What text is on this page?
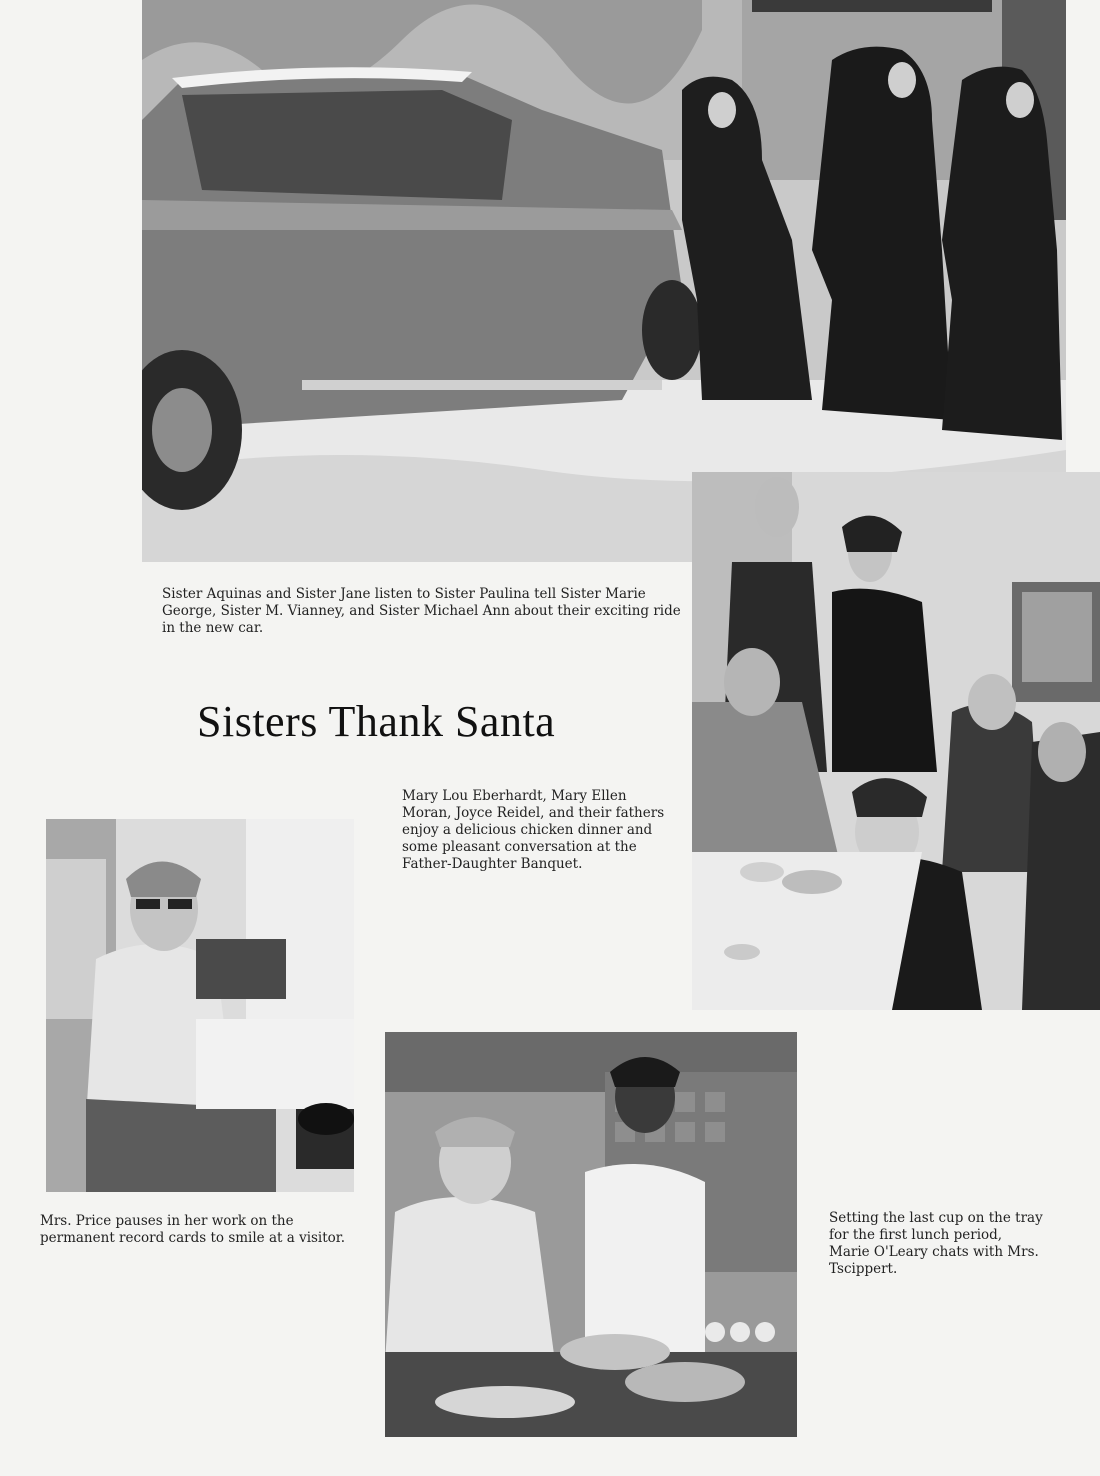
Sister Aquinas and Sister Jane listen to Sister Paulina tell Sister Marie George, Sister M. Vianney, and Sister Michael Ann about their exciting ride in the new car.
Sisters Thank Santa
Mary Lou Eberhardt, Mary Ellen Moran, Joyce Reidel, and their fathers enjoy a delicious chicken dinner and some pleasant conversation at the Father-Daughter Banquet.
Mrs. Price pauses in her work on the permanent record cards to smile at a visitor.
Setting the last cup on the tray for the first lunch period, Marie O'Leary chats with Mrs. Tscippert.
